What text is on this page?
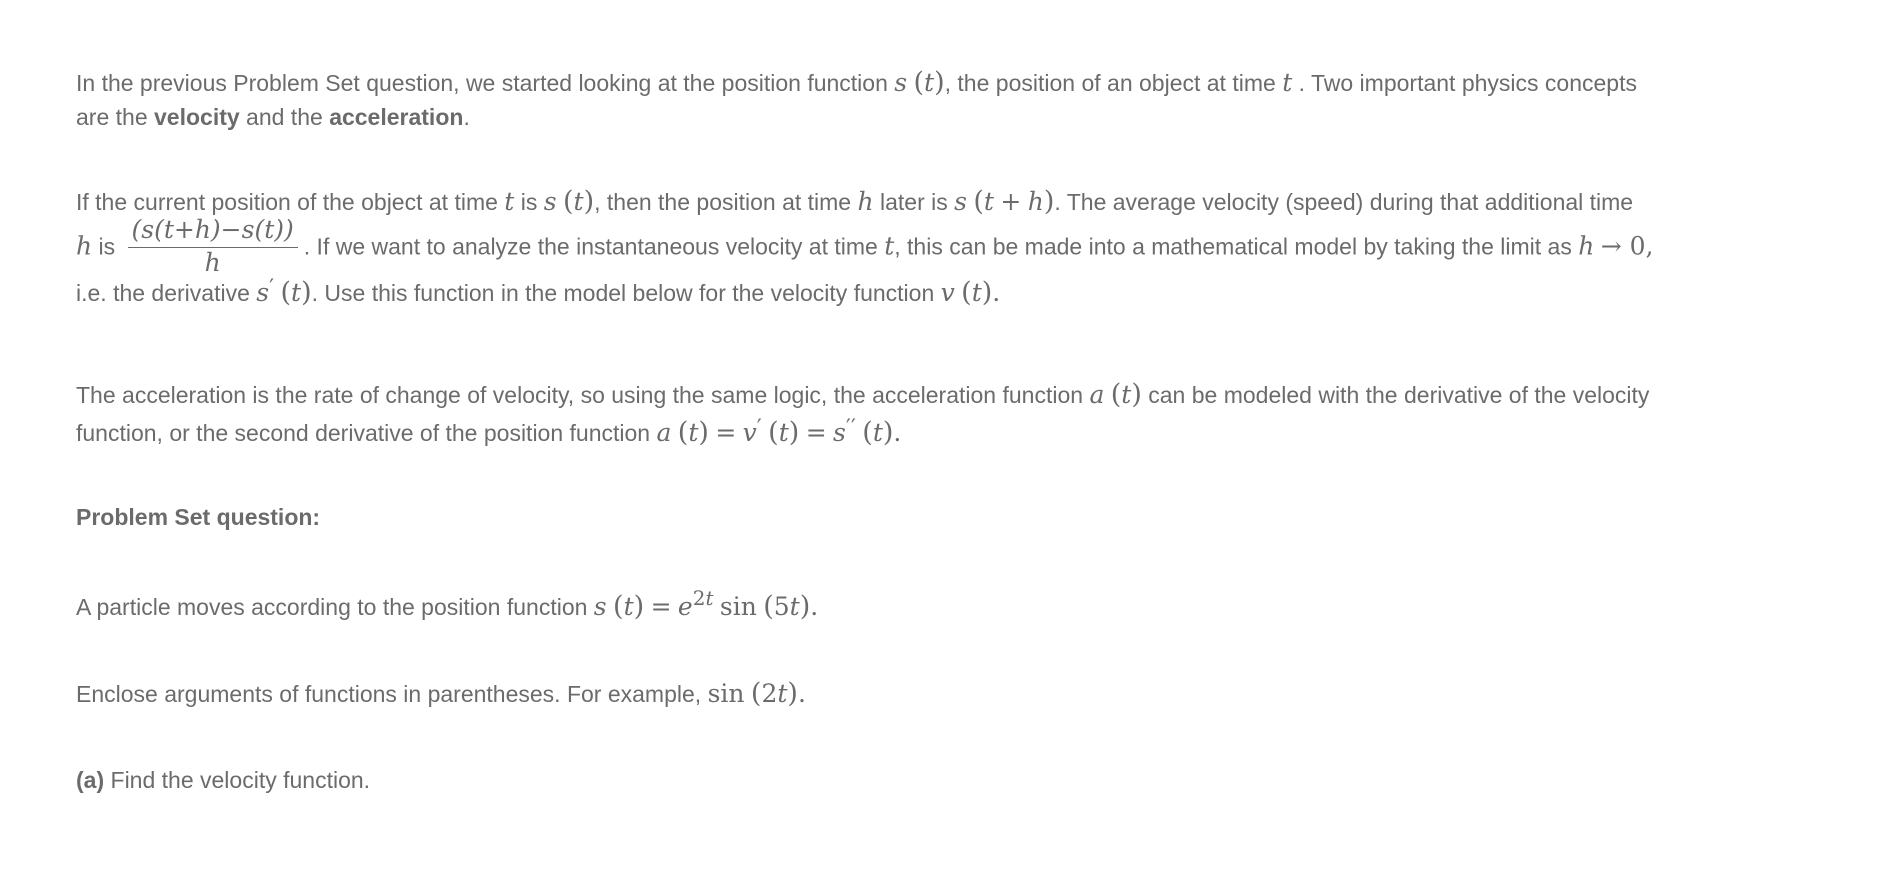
In the previous Problem Set question, we started looking at the position function s (t), the position of an object at time t . Two important physics concepts
are the velocity and the acceleration.
If the current position of the object at time t is s (t), then the position at time h later is s (t + h). The average velocity (speed) during that additional time
h is $\frac{(s(t+h)-s(t))}{h}$ . If we want to analyze the instantaneous velocity at time t, this can be made into a mathematical model by taking the limit as h → 0,
i.e. the derivative s′ (t). Use this function in the model below for the velocity function v (t).
The acceleration is the rate of change of velocity, so using the same logic, the acceleration function a (t) can be modeled with the derivative of the velocity
function, or the second derivative of the position function a (t) = v′ (t) = s′′ (t).
Problem Set question:
A particle moves according to the position function s $(t) = e^{2t}$ sin (5t).
Enclose arguments of functions in parentheses. For example, sin (2t).
(a) Find the velocity function.
